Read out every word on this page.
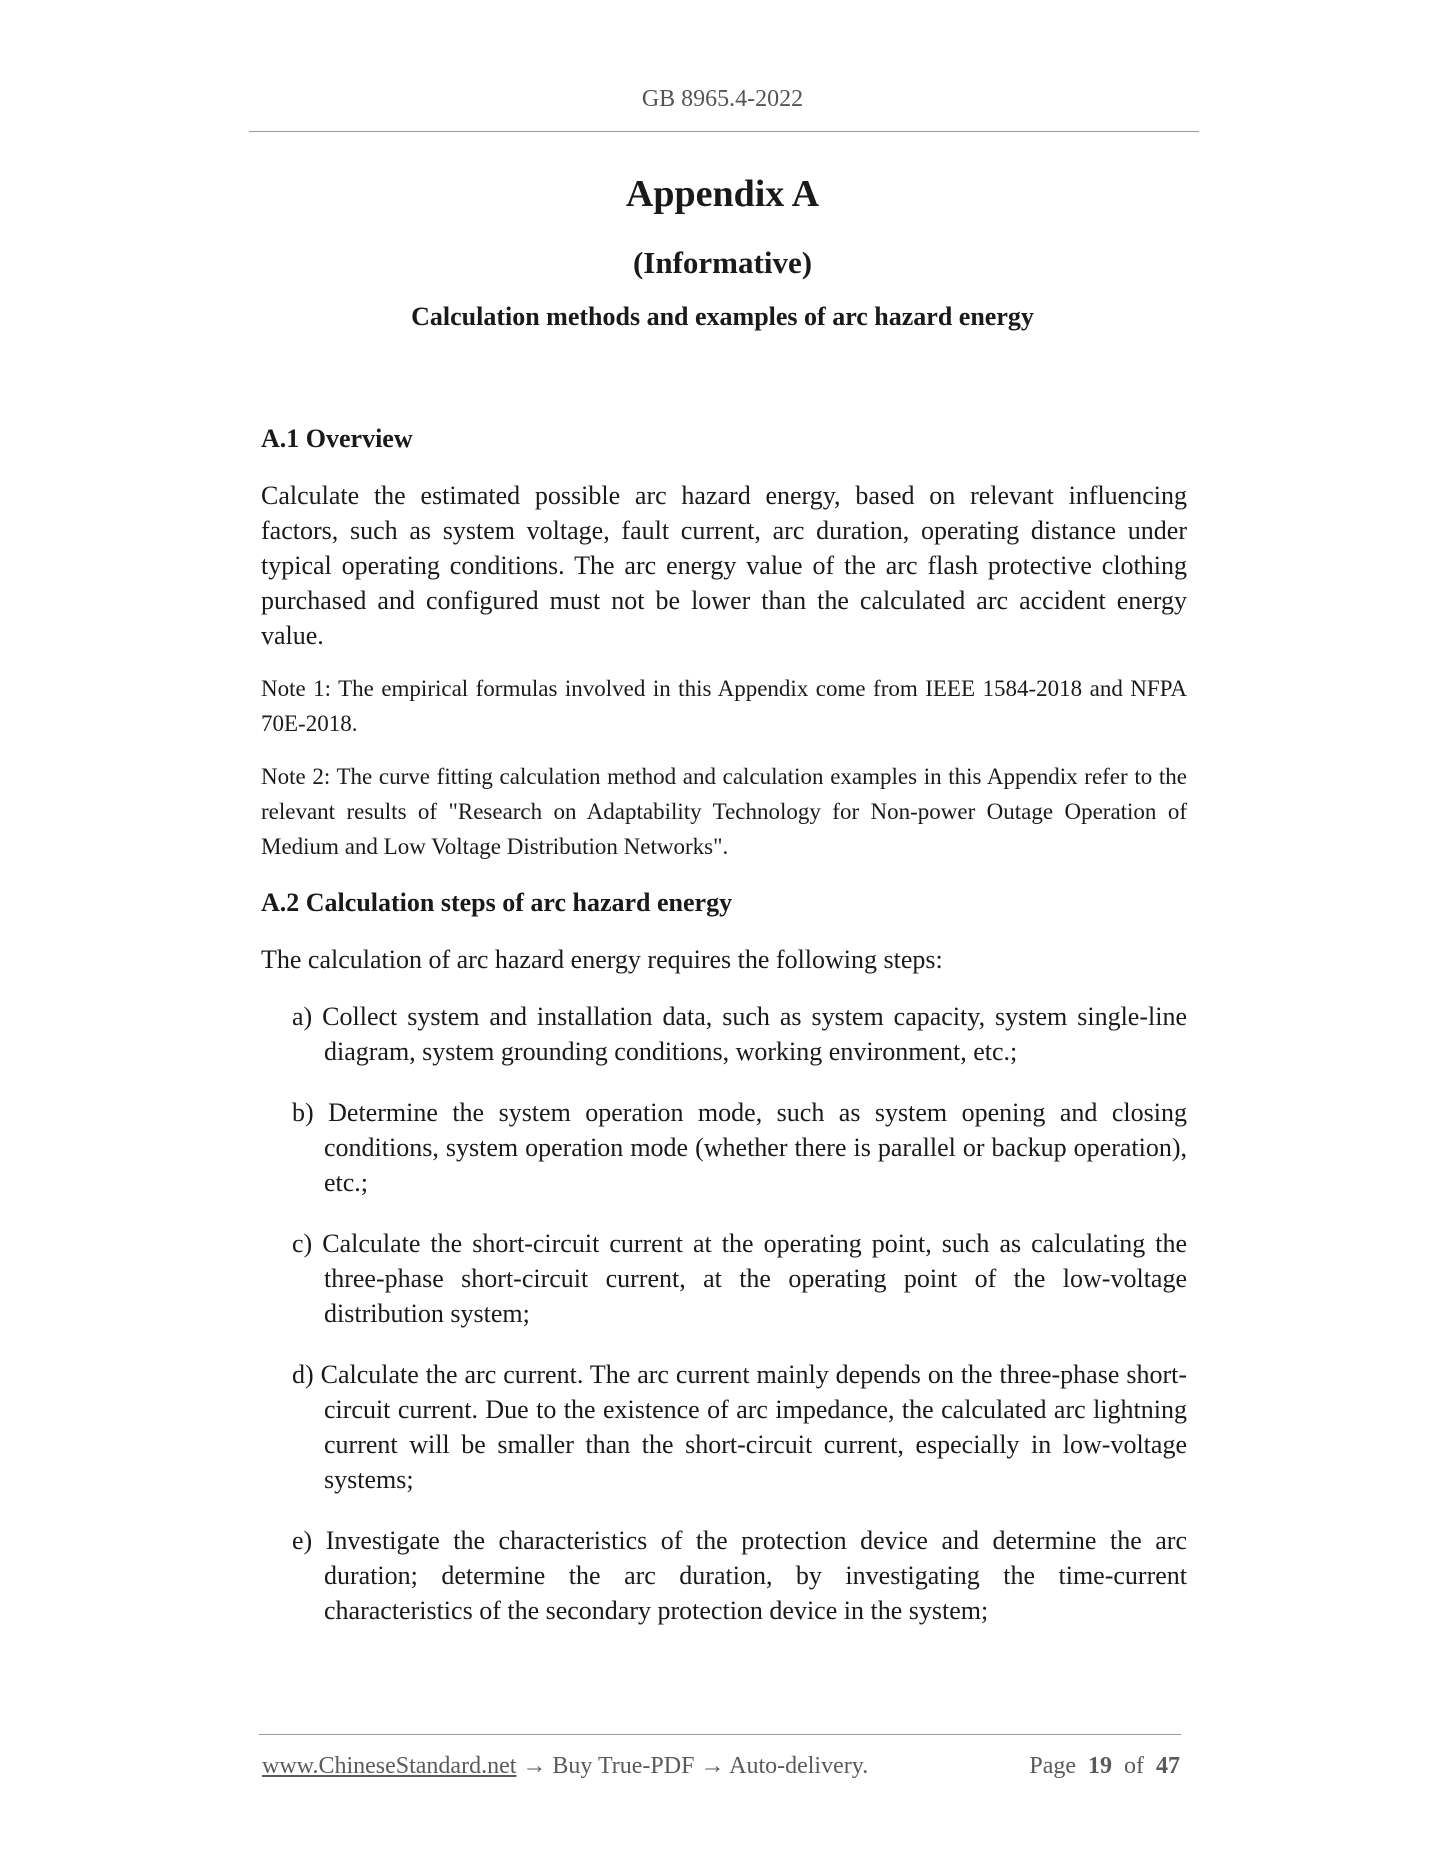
GB 8965.4-2022
Appendix A
(Informative)
Calculation methods and examples of arc hazard energy

A.1 Overview

Calculate the estimated possible arc hazard energy, based on relevant influencing factors, such as system voltage, fault current, arc duration, operating distance under typical operating conditions. The arc energy value of the arc flash protective clothing purchased and configured must not be lower than the calculated arc accident energy value.

Note 1: The empirical formulas involved in this Appendix come from IEEE 1584-2018 and NFPA 70E-2018.

Note 2: The curve fitting calculation method and calculation examples in this Appendix refer to the relevant results of "Research on Adaptability Technology for Non-power Outage Operation of Medium and Low Voltage Distribution Networks".

A.2 Calculation steps of arc hazard energy

The calculation of arc hazard energy requires the following steps:

a) Collect system and installation data, such as system capacity, system single-line diagram, system grounding conditions, working environment, etc.;
b) Determine the system operation mode, such as system opening and closing conditions, system operation mode (whether there is parallel or backup operation), etc.;
c) Calculate the short-circuit current at the operating point, such as calculating the three-phase short-circuit current, at the operating point of the low-voltage distribution system;
d) Calculate the arc current. The arc current mainly depends on the three-phase short-circuit current. Due to the existence of arc impedance, the calculated arc lightning current will be smaller than the short-circuit current, especially in low-voltage systems;
e) Investigate the characteristics of the protection device and determine the arc duration; determine the arc duration, by investigating the time-current characteristics of the secondary protection device in the system;
www.ChineseStandard.net → Buy True-PDF → Auto-delivery.	Page 19 of 47
